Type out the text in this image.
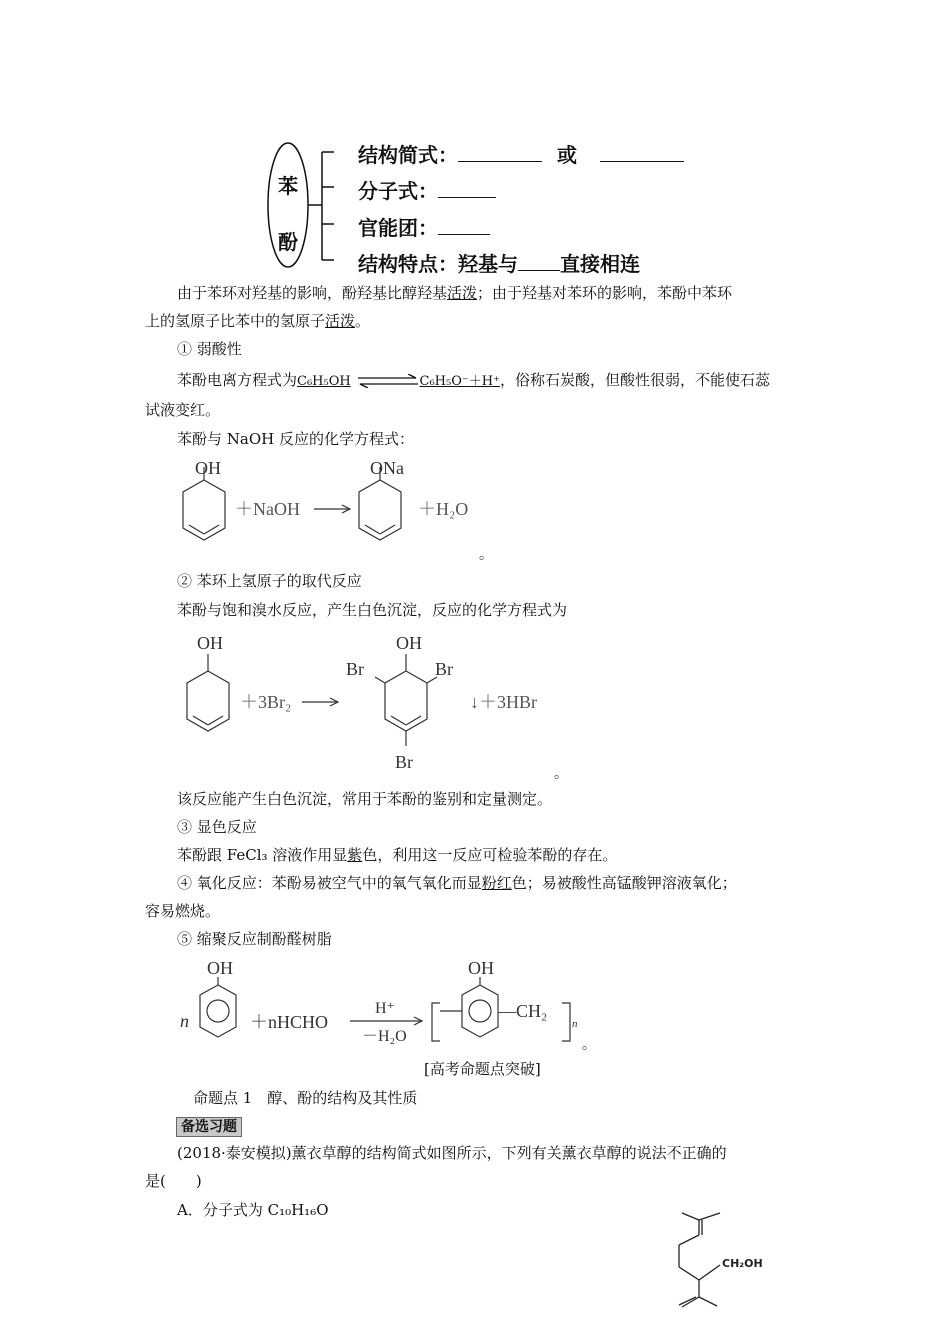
苯
酚
结构简式：	或
分子式：
官能团：
结构特点：羟基与 直接相连
由于苯环对羟基的影响，酚羟基比醇羟基活泼；由于羟基对苯环的影响，苯酚中苯环
上的氢原子比苯中的氢原子活泼。
① 弱酸性
苯酚电离方程式为C₆H₅OH	C₆H₅O⁻＋H⁺，俗称石炭酸，但酸性很弱，不能使石蕊
试液变红。
苯酚与 NaOH 反应的化学方程式：
OH
＋NaOH
ONa
＋H₂O
。
② 苯环上氢原子的取代反应
苯酚与饱和溴水反应，产生白色沉淀，反应的化学方程式为
OH
＋3Br₂
OH
Br	Br
Br
↓＋3HBr
。
该反应能产生白色沉淀，常用于苯酚的鉴别和定量测定。
③ 显色反应
苯酚跟 FeCl₃ 溶液作用显紫色，利用这一反应可检验苯酚的存在。
④ 氧化反应：苯酚易被空气中的氧气氧化而显粉红色；易被酸性高锰酸钾溶液氧化；
容易燃烧。
⑤ 缩聚反应制酚醛树脂
n
OH
＋nHCHO
H⁺
－H₂O
OH
—CH₂
n
。
[高考命题点突破]
命题点 1　醇、酚的结构及其性质
备选习题
(2018·泰安模拟)薰衣草醇的结构简式如图所示，下列有关薰衣草醇的说法不正确的
是(　　)
A．分子式为 C₁₀H₁₆O
CH₂OH
